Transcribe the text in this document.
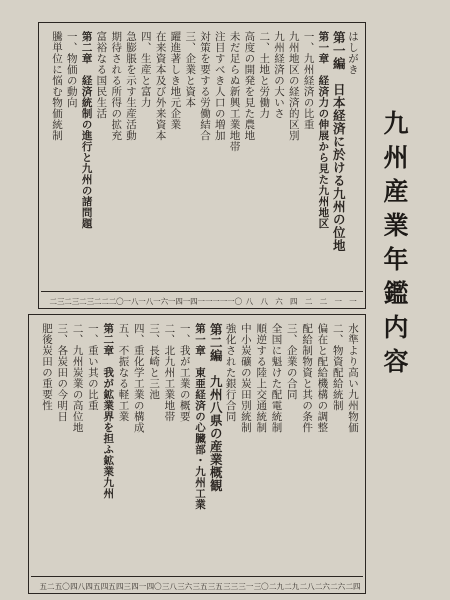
九州産業年鑑内容
はしがき
一
第一編　日本経済に於ける九州の位地
一
第一章　経済力の伸展から見た九州地区
二
一、九州経済の比重
二
九州地区の経済的区別
四
九州経済の大いさ
六
二、土地と労働力
八
高度の開発を見た農地
八
未だ足らぬ新興工業地帯
一〇
注目すべき人口の増加
一一
対策を要する労働結合
一一
三、企業と資本
一四
躍進著しき地元企業
一四
在来資本及び外来資本
一六
四、生産と富力
一八
急膨脹を示す生産活動
一八
期待される所得の拡充
二〇
富裕なる国民生活
二二
第二章　経済統制の進行と九州の諸問題
二三
一、物価の動向
二三
騰単位に悩む物価統制
二三
水準より高い九州物価
二四
二、物資配給統制
二六
偏在と配給機構の調整
二六
配給制物資と其の条件
二八
三、企業の合同
二九
全国に魁けた配電統制
二九
順逆する陸上交通統制
三〇
中小炭礦の炭田別統制
三一
強化された銀行合同
三三
第二編　九州八県の産業概観
三五
第一章　東亜経済の心臓部・九州工業
三五
一、我が工業の概要
三六
二、北九州工業地帯
三八
三、長崎と三池
四〇
四、重化学工業の構成
四一
五、不振なる軽工業
四三
第二章　我が鉱業界を担ふ鉱業九州
四五
一、重い其の比重
四五
二、九州炭業の高位地
四八
三、各炭田の今明日
五〇
肥後炭田の重要性
五二
